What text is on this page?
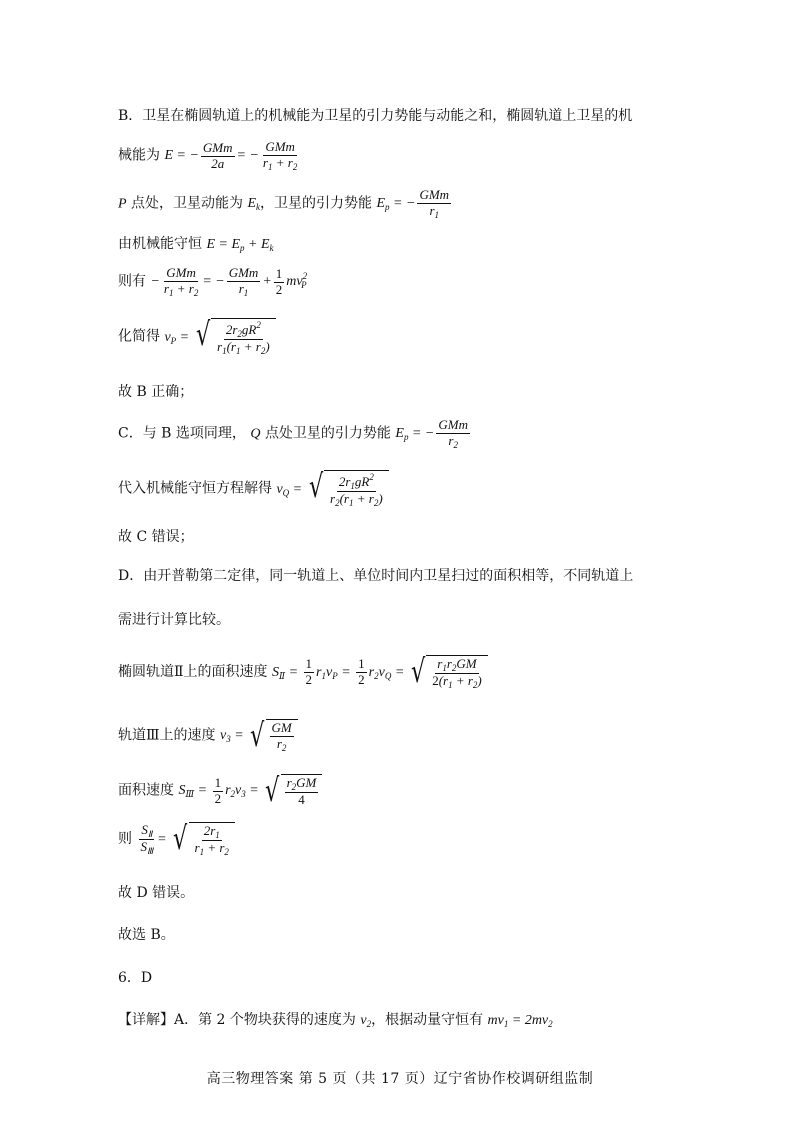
B．卫星在椭圆轨道上的机械能为卫星的引力势能与动能之和，椭圆轨道上卫星的机
械能为 E = − $\frac{\text{GMm}}{2a}$ = − $\frac{\text{GMm}}{r_1 + r_2}$
P 点处，卫星动能为 $E_k$，卫星的引力势能 $E_p$ = − $\frac{\text{GMm}}{r_1}$
由机械能守恒 $E = E_p + E_k$
则有 − $\frac{\text{GMm}}{r_1 + r_2}$ = − $\frac{\text{GMm}}{r_1} + \frac{1}{2} mv^2_P$
化简得 $v_P$ = √ $\frac{2r_2gR^2}{r_1(r_1 + r_2)}$
故 B 正确；
C．与 B 选项同理， Q 点处卫星的引力势能 $E_p$ = − $\frac{\text{GMm}}{r_2}$
代入机械能守恒方程解得 $v_Q$ = √ $\frac{2r_1gR^2}{r_2(r_1 + r_2)}$
故 C 错误；
D．由开普勒第二定律，同一轨道上、单位时间内卫星扫过的面积相等，不同轨道上
需进行计算比较。
椭圆轨道Ⅱ上的面积速度 $S_Ⅱ = \frac{1}{2} r_1v_P = \frac{1}{2} r_2v_Q$ = √ $\frac{r_1r_2GM}{2(r_1 + r_2)}$
轨道Ⅲ上的速度 $v_3$ = √ $\frac{GM}{r_2}$
面积速度 $S_Ⅲ = \frac{1}{2} r_2v_3$ = √ $\frac{r_2GM}{4}$
则 $\frac{S_Ⅱ}{S_Ⅲ}$ = √ $\frac{2r_1}{r_1 + r_2}$
故 D 错误。
故选 B。
6．D
【详解】A．第 2 个物块获得的速度为 $v_2$，根据动量守恒有 $mv_1 = 2mv_2$
高三物理答案 第 5 页（共 17 页）辽宁省协作校调研组监制
